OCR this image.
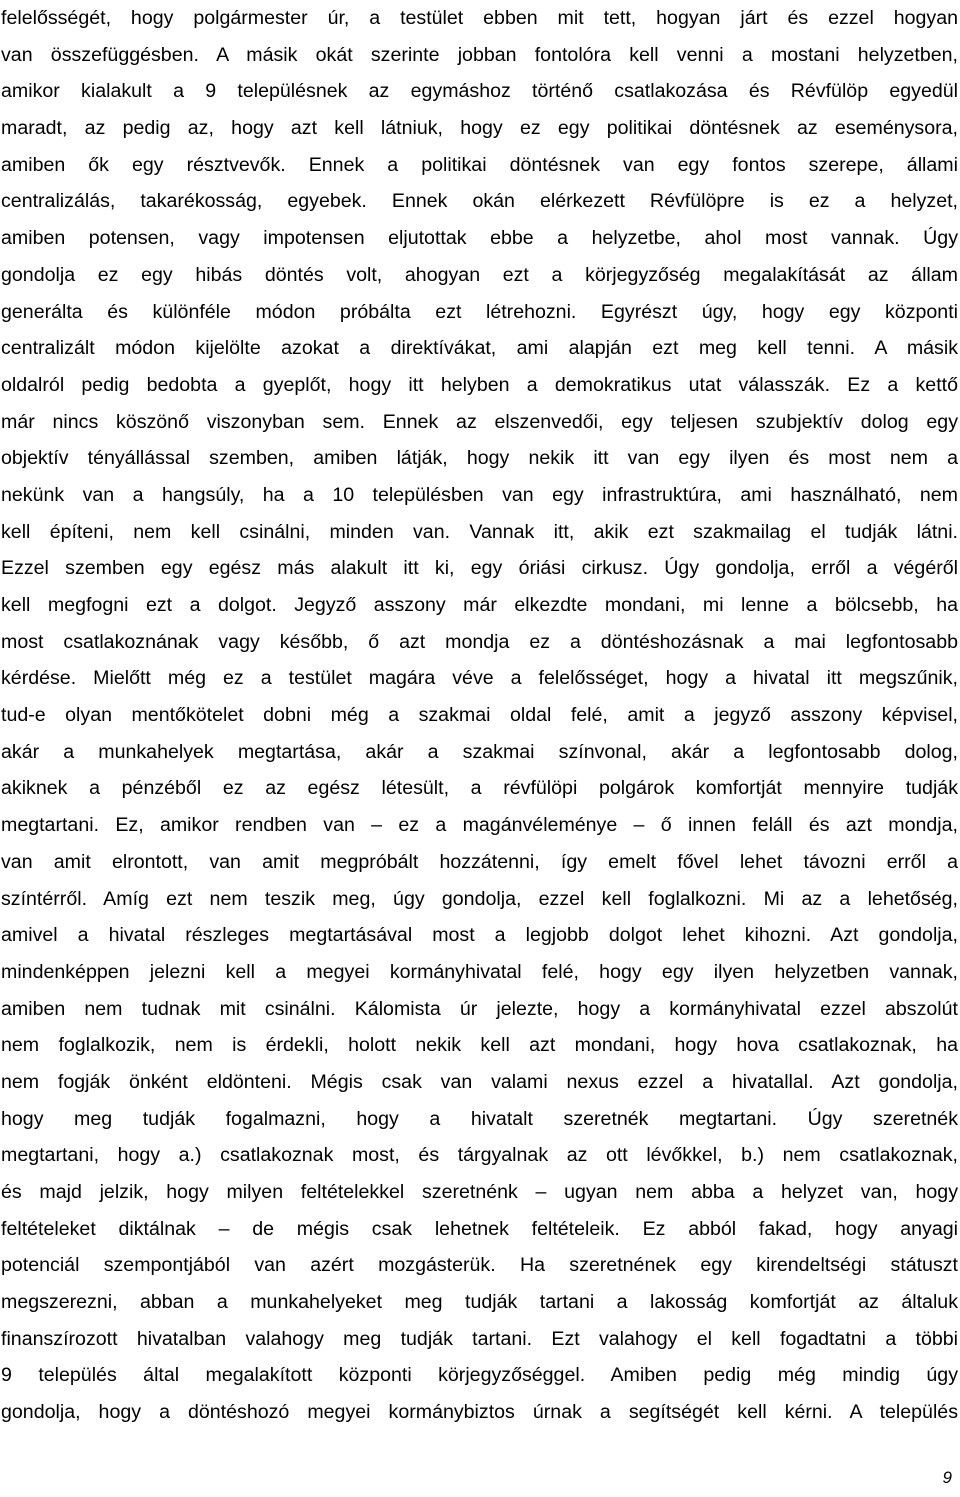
felelősségét, hogy polgármester úr, a testület ebben mit tett, hogyan járt és ezzel hogyan
van összefüggésben. A másik okát szerinte jobban fontolóra kell venni a mostani helyzetben,
amikor kialakult a 9 településnek az egymáshoz történő csatlakozása és Révfülöp egyedül
maradt, az pedig az, hogy azt kell látniuk, hogy ez egy politikai döntésnek az eseménysora,
amiben ők egy résztvevők. Ennek a politikai döntésnek van egy fontos szerepe, állami
centralizálás, takarékosság, egyebek. Ennek okán elérkezett Révfülöpre is ez a helyzet,
amiben potensen, vagy impotensen eljutottak ebbe a helyzetbe, ahol most vannak. Úgy
gondolja ez egy hibás döntés volt, ahogyan ezt a körjegyzőség megalakítását az állam
generálta és különféle módon próbálta ezt létrehozni. Egyrészt úgy, hogy egy központi
centralizált módon kijelölte azokat a direktívákat, ami alapján ezt meg kell tenni. A másik
oldalról pedig bedobta a gyeplőt, hogy itt helyben a demokratikus utat válasszák. Ez a kettő
már nincs köszönő viszonyban sem. Ennek az elszenvedői, egy teljesen szubjektív dolog egy
objektív tényállással szemben, amiben látják, hogy nekik itt van egy ilyen és most nem a
nekünk van a hangsúly, ha a 10 településben van egy infrastruktúra, ami használható, nem
kell építeni, nem kell csinálni, minden van. Vannak itt, akik ezt szakmailag el tudják látni.
Ezzel szemben egy egész más alakult itt ki, egy óriási cirkusz. Úgy gondolja, erről a végéről
kell megfogni ezt a dolgot. Jegyző asszony már elkezdte mondani, mi lenne a bölcsebb, ha
most csatlakoznának vagy később, ő azt mondja ez a döntéshozásnak a mai legfontosabb
kérdése. Mielőtt még ez a testület magára véve a felelősséget, hogy a hivatal itt megszűnik,
tud-e olyan mentőkötelet dobni még a szakmai oldal felé, amit a jegyző asszony képvisel,
akár a munkahelyek megtartása, akár a szakmai színvonal, akár a legfontosabb dolog,
akiknek a pénzéből ez az egész létesült, a révfülöpi polgárok komfortját mennyire tudják
megtartani. Ez, amikor rendben van – ez a magánvéleménye – ő innen feláll és azt mondja,
van amit elrontott, van amit megpróbált hozzátenni, így emelt fővel lehet távozni erről a
színtérről. Amíg ezt nem teszik meg, úgy gondolja, ezzel kell foglalkozni. Mi az a lehetőség,
amivel a hivatal részleges megtartásával most a legjobb dolgot lehet kihozni. Azt gondolja,
mindenképpen jelezni kell a megyei kormányhivatal felé, hogy egy ilyen helyzetben vannak,
amiben nem tudnak mit csinálni. Kálomista úr jelezte, hogy a kormányhivatal ezzel abszolút
nem foglalkozik, nem is érdekli, holott nekik kell azt mondani, hogy hova csatlakoznak, ha
nem fogják önként eldönteni. Mégis csak van valami nexus ezzel a hivatallal. Azt gondolja,
hogy meg tudják fogalmazni, hogy a hivatalt szeretnék megtartani. Úgy szeretnék
megtartani, hogy a.) csatlakoznak most, és tárgyalnak az ott lévőkkel, b.) nem csatlakoznak,
és majd jelzik, hogy milyen feltételekkel szeretnénk – ugyan nem abba a helyzet van, hogy
feltételeket diktálnak – de mégis csak lehetnek feltételeik. Ez abból fakad, hogy anyagi
potenciál szempontjából van azért mozgásterük. Ha szeretnének egy kirendeltségi státuszt
megszerezni, abban a munkahelyeket meg tudják tartani a lakosság komfortját az általuk
finanszírozott hivatalban valahogy meg tudják tartani. Ezt valahogy el kell fogadtatni a többi
9 település által megalakított központi körjegyzőséggel. Amiben pedig még mindig úgy
gondolja, hogy a döntéshozó megyei kormánybiztos úrnak a segítségét kell kérni. A település
9
